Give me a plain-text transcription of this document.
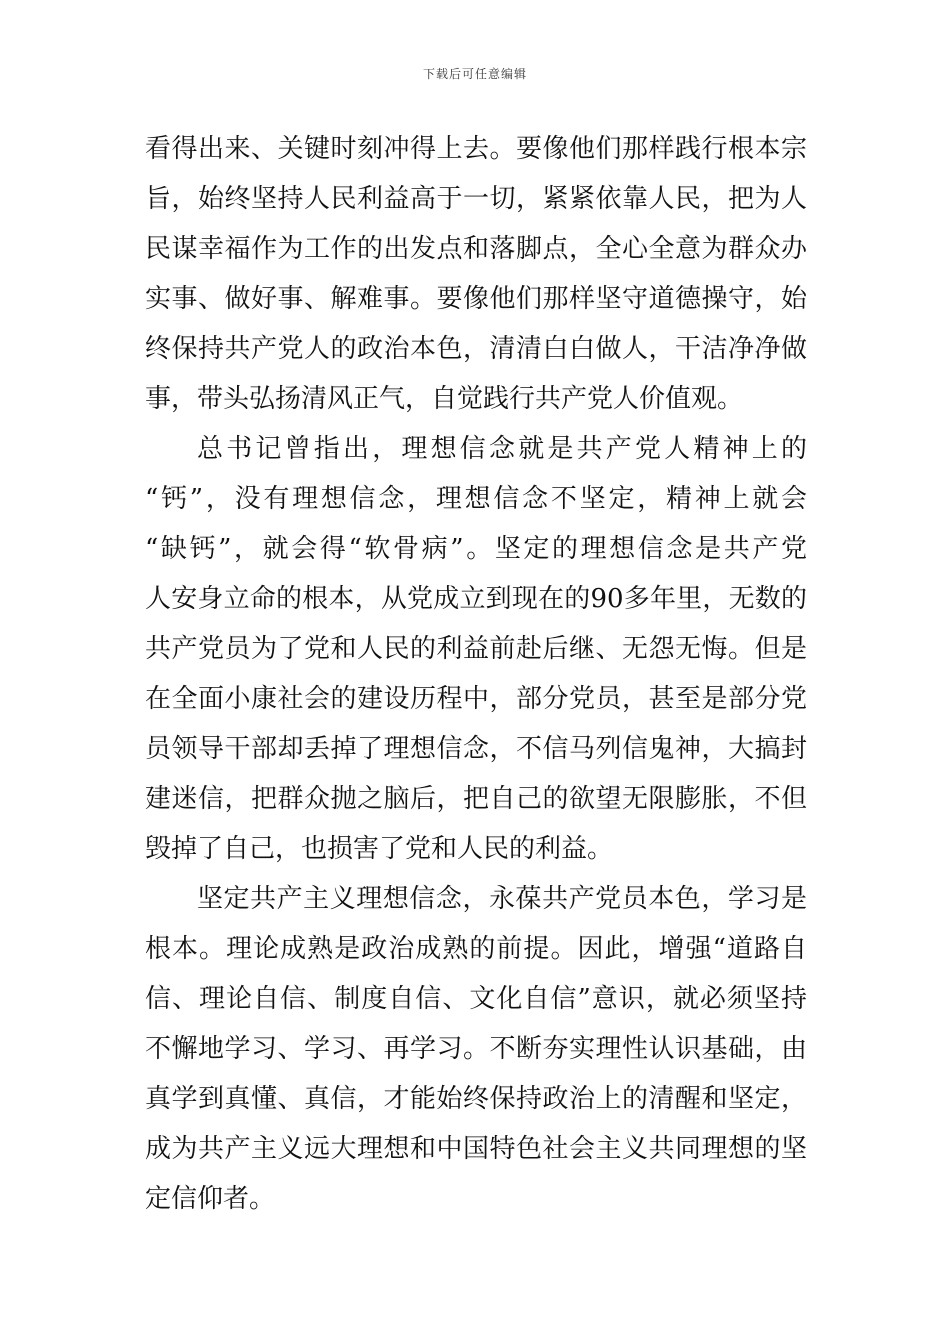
下载后可任意编辑
看得出来、关键时刻冲得上去。要像他们那样践行根本宗
旨，始终坚持人民利益高于一切，紧紧依靠人民，把为人
民谋幸福作为工作的出发点和落脚点，全心全意为群众办
实事、做好事、解难事。要像他们那样坚守道德操守，始
终保持共产党人的政治本色，清清白白做人，干洁净净做
事，带头弘扬清风正气，自觉践行共产党人价值观。
总书记曾指出，理想信念就是共产党人精神上的
“钙”，没有理想信念，理想信念不坚定，精神上就会
“缺钙”，就会得“软骨病”。坚定的理想信念是共产党
人安身立命的根本，从党成立到现在的90多年里，无数的
共产党员为了党和人民的利益前赴后继、无怨无悔。但是
在全面小康社会的建设历程中，部分党员，甚至是部分党
员领导干部却丢掉了理想信念，不信马列信鬼神，大搞封
建迷信，把群众抛之脑后，把自己的欲望无限膨胀，不但
毁掉了自己，也损害了党和人民的利益。
坚定共产主义理想信念，永葆共产党员本色，学习是
根本。理论成熟是政治成熟的前提。因此，增强“道路自
信、理论自信、制度自信、文化自信”意识，就必须坚持
不懈地学习、学习、再学习。不断夯实理性认识基础，由
真学到真懂、真信，才能始终保持政治上的清醒和坚定，
成为共产主义远大理想和中国特色社会主义共同理想的坚
定信仰者。
